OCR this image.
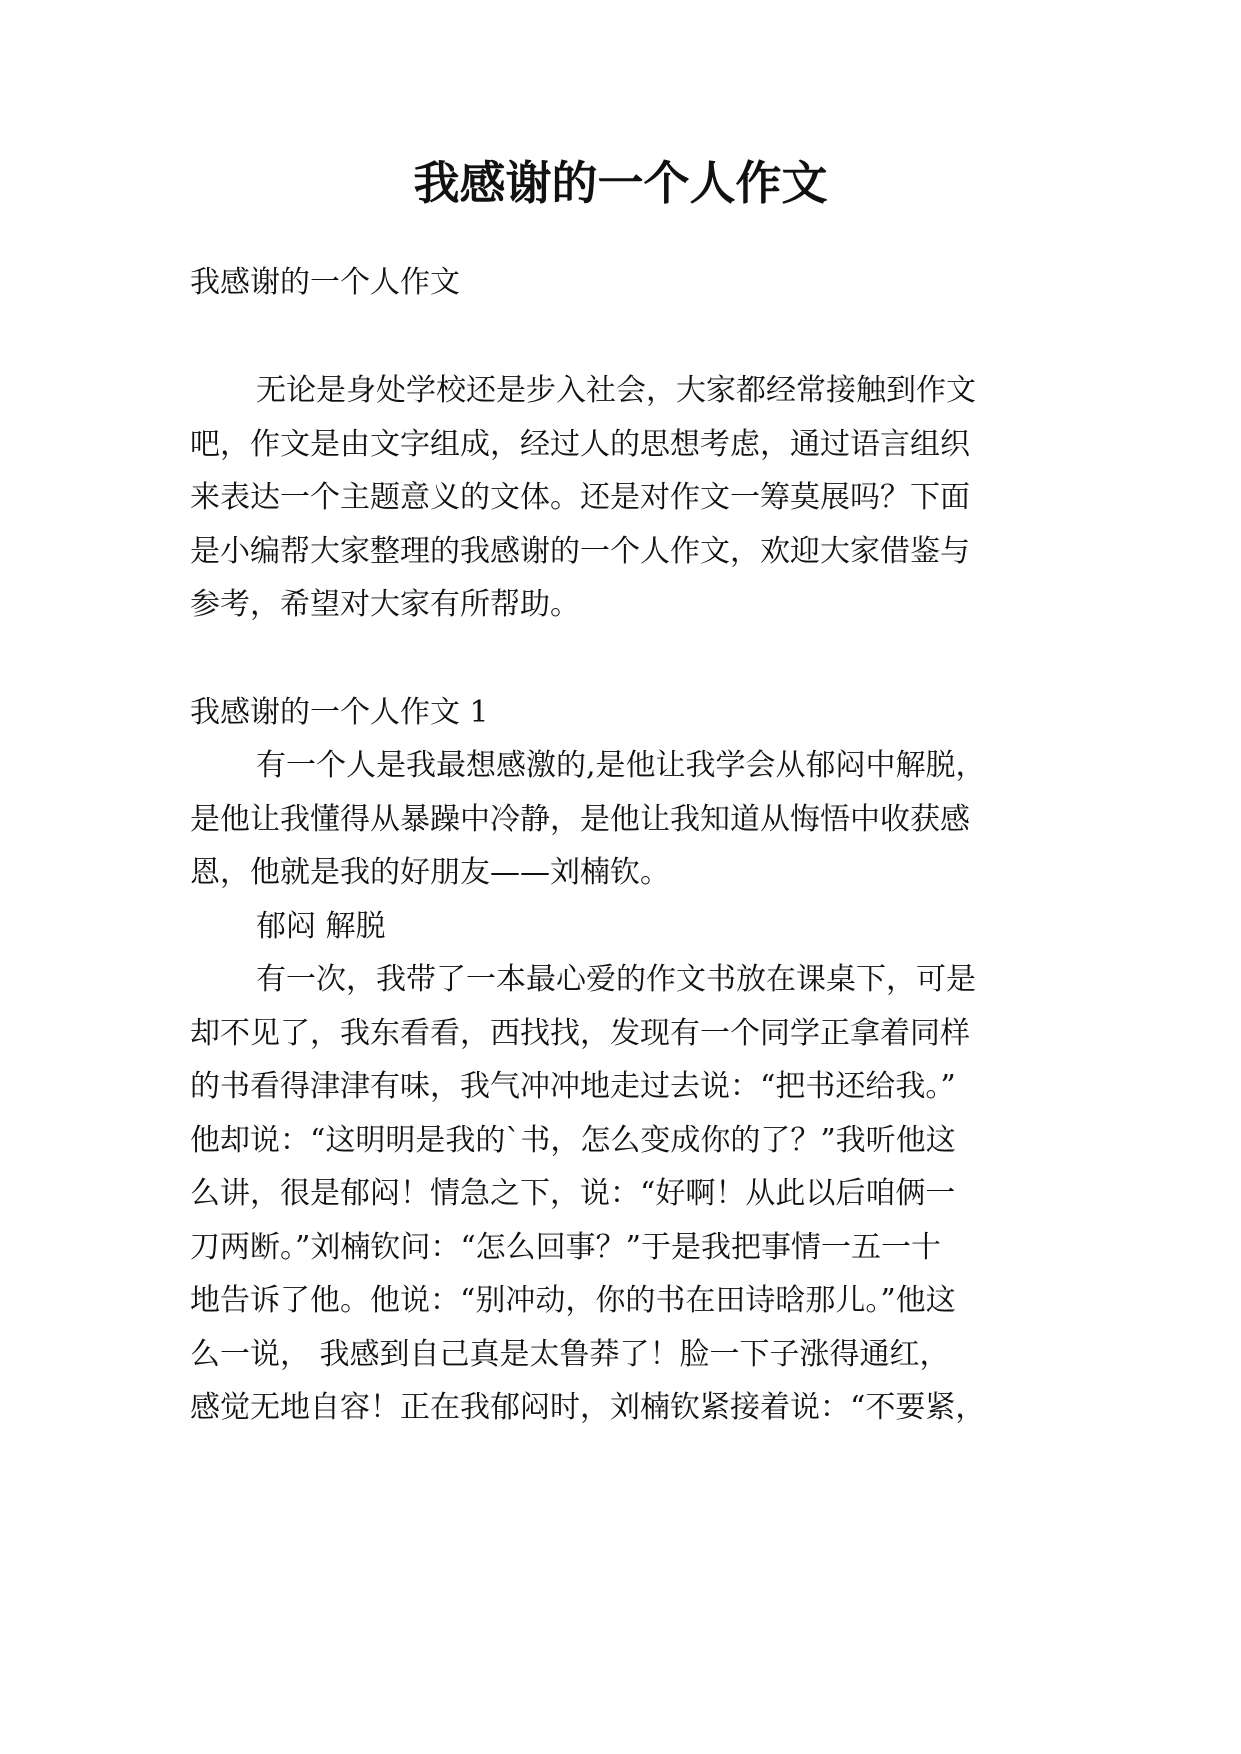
我感谢的一个人作文
我感谢的一个人作文
无论是身处学校还是步入社会，大家都经常接触到作文
吧，作文是由文字组成，经过人的思想考虑，通过语言组织
来表达一个主题意义的文体。还是对作文一筹莫展吗？下面
是小编帮大家整理的我感谢的一个人作文，欢迎大家借鉴与
参考，希望对大家有所帮助。
我感谢的一个人作文 1
有一个人是我最想感激的,是他让我学会从郁闷中解脱，
是他让我懂得从暴躁中冷静，是他让我知道从悔悟中收获感
恩，他就是我的好朋友——刘楠钦。
郁闷 解脱
有一次，我带了一本最心爱的作文书放在课桌下，可是
却不见了，我东看看，西找找，发现有一个同学正拿着同样
的书看得津津有味，我气冲冲地走过去说：“把书还给我。”
他却说：“这明明是我的`书，怎么变成你的了？”我听他这
么讲，很是郁闷！情急之下，说：“好啊！从此以后咱俩一
刀两断。”刘楠钦问：“怎么回事？”于是我把事情一五一十
地告诉了他。他说：“别冲动，你的书在田诗晗那儿。”他这
么一说， 我感到自己真是太鲁莽了！脸一下子涨得通红，
感觉无地自容！正在我郁闷时，刘楠钦紧接着说：“不要紧，
